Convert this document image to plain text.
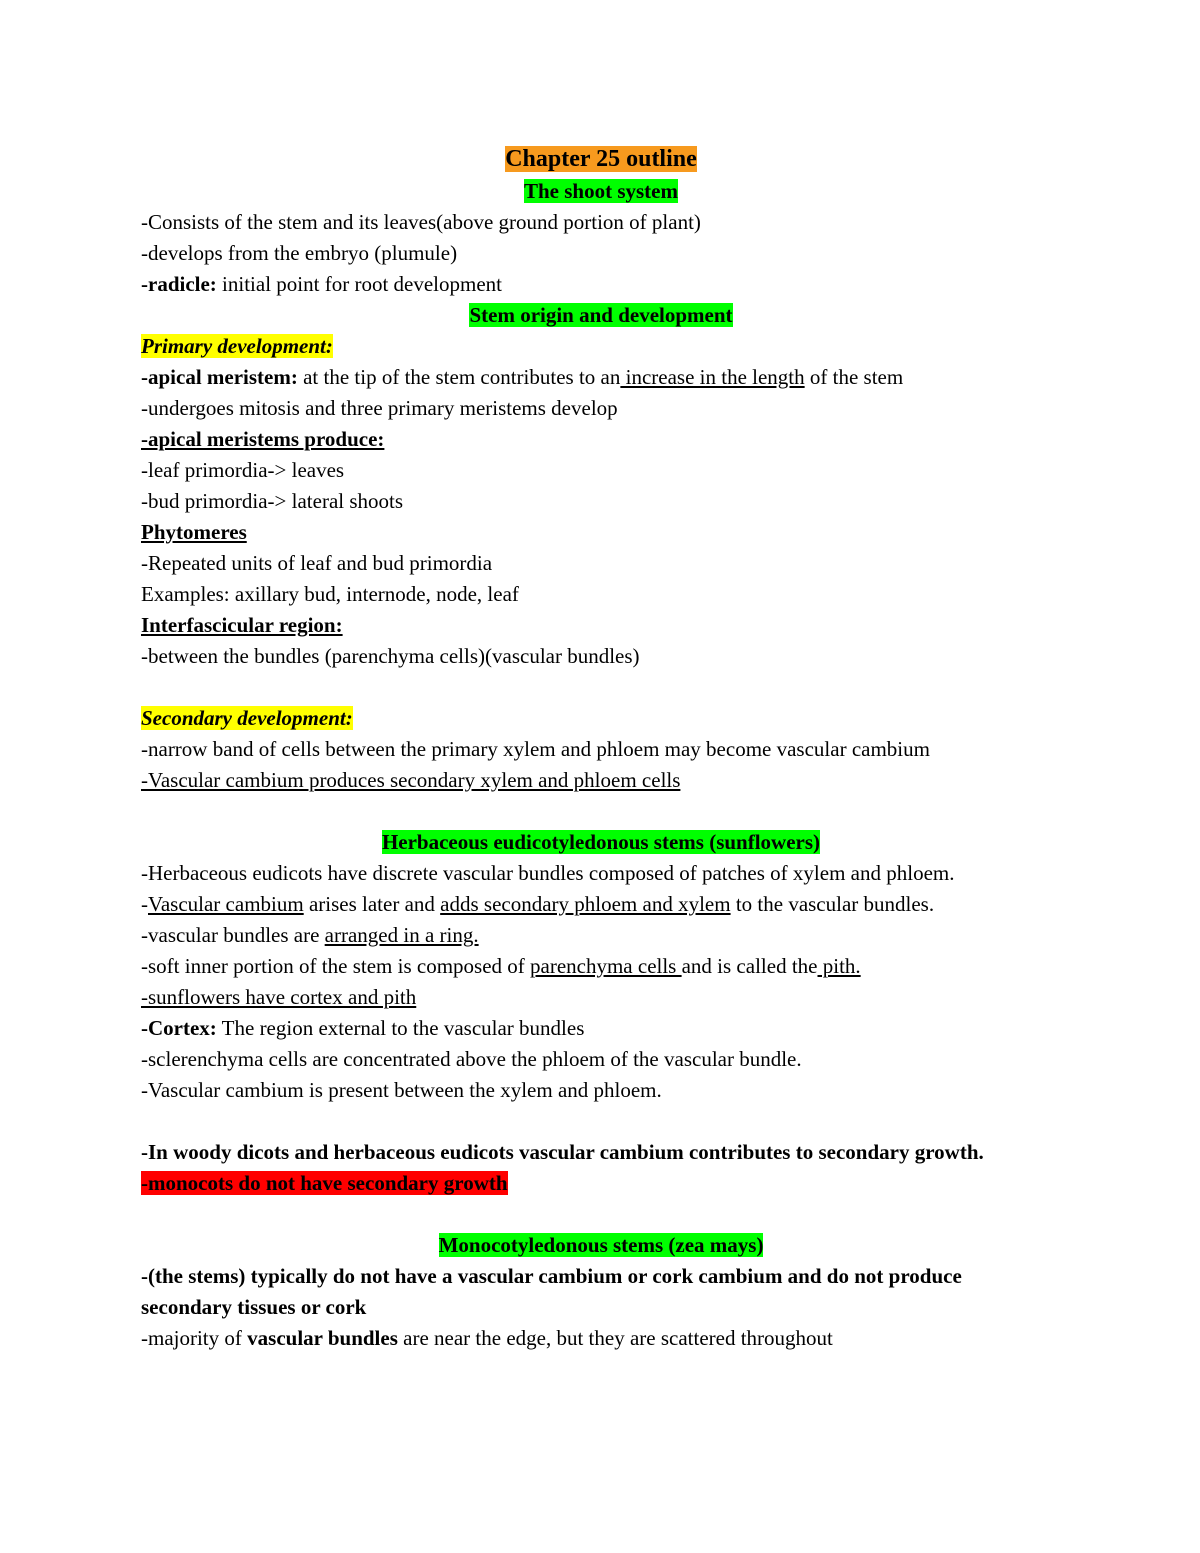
Chapter 25 outline
The shoot system
-Consists of the stem and its leaves(above ground portion of plant)
-develops from the embryo (plumule)
-radicle: initial point for root development
Stem origin and development
Primary development:
-apical meristem: at the tip of the stem contributes to an increase in the length of the stem
-undergoes mitosis and three primary meristems develop
-apical meristems produce:
-leaf primordia-> leaves
-bud primordia-> lateral shoots
Phytomeres
-Repeated units of leaf and bud primordia
Examples: axillary bud, internode, node, leaf
Interfascicular region:
-between the bundles (parenchyma cells)(vascular bundles)
Secondary development:
-narrow band of cells between the primary xylem and phloem may become vascular cambium
-Vascular cambium produces secondary xylem and phloem cells
Herbaceous eudicotyledonous stems (sunflowers)
-Herbaceous eudicots have discrete vascular bundles composed of patches of xylem and phloem.
-Vascular cambium arises later and adds secondary phloem and xylem to the vascular bundles.
-vascular bundles are arranged in a ring.
-soft inner portion of the stem is composed of parenchyma cells and is called the pith.
-sunflowers have cortex and pith
-Cortex: The region external to the vascular bundles
-sclerenchyma cells are concentrated above the phloem of the vascular bundle.
-Vascular cambium is present between the xylem and phloem.
-In woody dicots and herbaceous eudicots vascular cambium contributes to secondary growth.
-monocots do not have secondary growth
Monocotyledonous stems (zea mays)
-(the stems) typically do not have a vascular cambium or cork cambium and do not produce secondary tissues or cork
-majority of vascular bundles are near the edge, but they are scattered throughout
